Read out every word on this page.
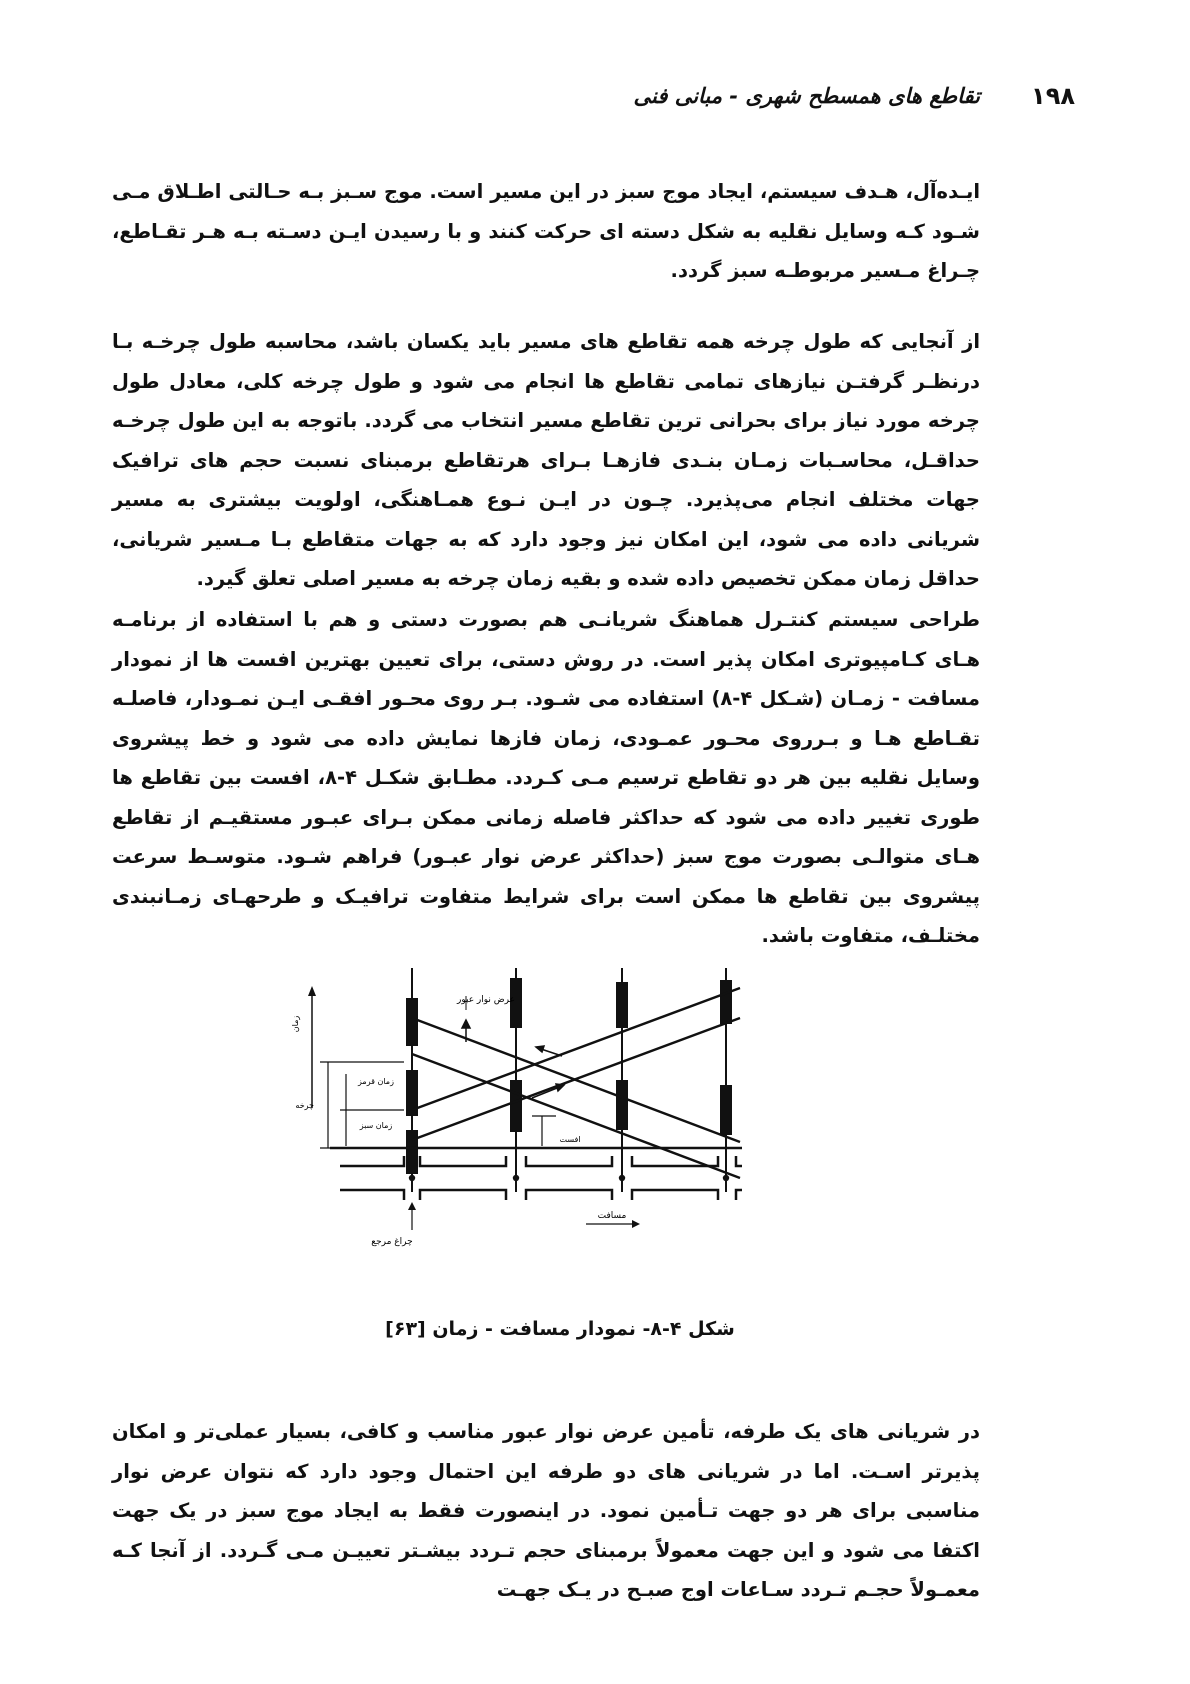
۱۹۸
تقاطع های همسطح شهری - مبانی فنی
ایـده‌آل، هـدف سیستم، ایجاد موج سبز در این مسیر است. موج سـبز بـه حـالتی اطـلاق مـی شـود کـه وسایل نقلیه به شکل دسته ای حرکت کنند و با رسیدن ایـن دسـته بـه هـر تقـاطع، چـراغ مـسیر مربوطـه سبز گردد.
از آنجایی که طول چرخه همه تقاطع های مسیر باید یکسان باشد، محاسبه طول چرخـه بـا درنظـر گرفتـن نیازهای تمامی تقاطع ها انجام می شود و طول چرخه کلی، معادل طول چرخه مورد نیاز برای بحرانی ترین تقاطع مسیر انتخاب می گردد. باتوجه به این طول چرخـه حداقـل، محاسـبات زمـان بنـدی فازهـا بـرای هرتقاطع برمبنای نسبت حجم های ترافیک جهات مختلف انجام می‌پذیرد. چـون در ایـن نـوع همـاهنگی، اولویت بیشتری به مسیر شریانی داده می شود، این امکان نیز وجود دارد که به جهات متقاطع بـا مـسیر شریانی، حداقل زمان ممکن تخصیص داده شده و بقیه زمان چرخه به مسیر اصلی تعلق گیرد.
طراحی سیستم کنتـرل هماهنگ شریانـی هم بصورت دستی و هم با استفاده از برنامـه هـای کـامپیوتری امکان پذیر است. در روش دستی، برای تعیین بهترین افست ها از نمودار مسافت - زمـان (شـکل ۴-۸) استفاده می شـود. بـر روی محـور افقـی ایـن نمـودار، فاصلـه تقـاطع هـا و بـرروی محـور عمـودی، زمان فازها نمایش داده می شود و خط پیشروی وسایل نقلیه بین هر دو تقاطع ترسیم مـی کـردد. مطـابق شکـل ۴-۸، افست بین تقاطع ها طوری تغییر داده می شود که حداکثر فاصله زمانی ممکن بـرای عبـور مستقیـم از تقاطع هـای متوالـی بصورت موج سبز (حداکثر عرض نوار عبـور) فراهم شـود. متوسـط سرعت پیشروی بین تقاطع ها ممکن است برای شرایط متفاوت ترافیـک و طرحهـای زمـانبندی مختلـف، متفاوت باشد.
عرض نوار عبور
زمان
چرخه
زمان قرمز
زمان سبز
افست
چراغ مرجع
مسافت
شکل ۴-۸- نمودار مسافت - زمان [۶۳]
در شریانی های یک طرفه، تأمین عرض نوار عبور مناسب و کافی، بسیار عملی‌تر و امکان پذیرتر اسـت. اما در شریانی های دو طرفه این احتمال وجود دارد که نتوان عرض نوار مناسبی برای هر دو جهت تـأمین نمود. در اینصورت فقط به ایجاد موج سبز در یک جهت اکتفا می شود و این جهت معمولاً برمبنای حجم تـردد بیشـتر تعییـن مـی گـردد. از آنجا کـه معمـولاً حجـم تـردد سـاعات اوج صبـح در یـک جهـت
